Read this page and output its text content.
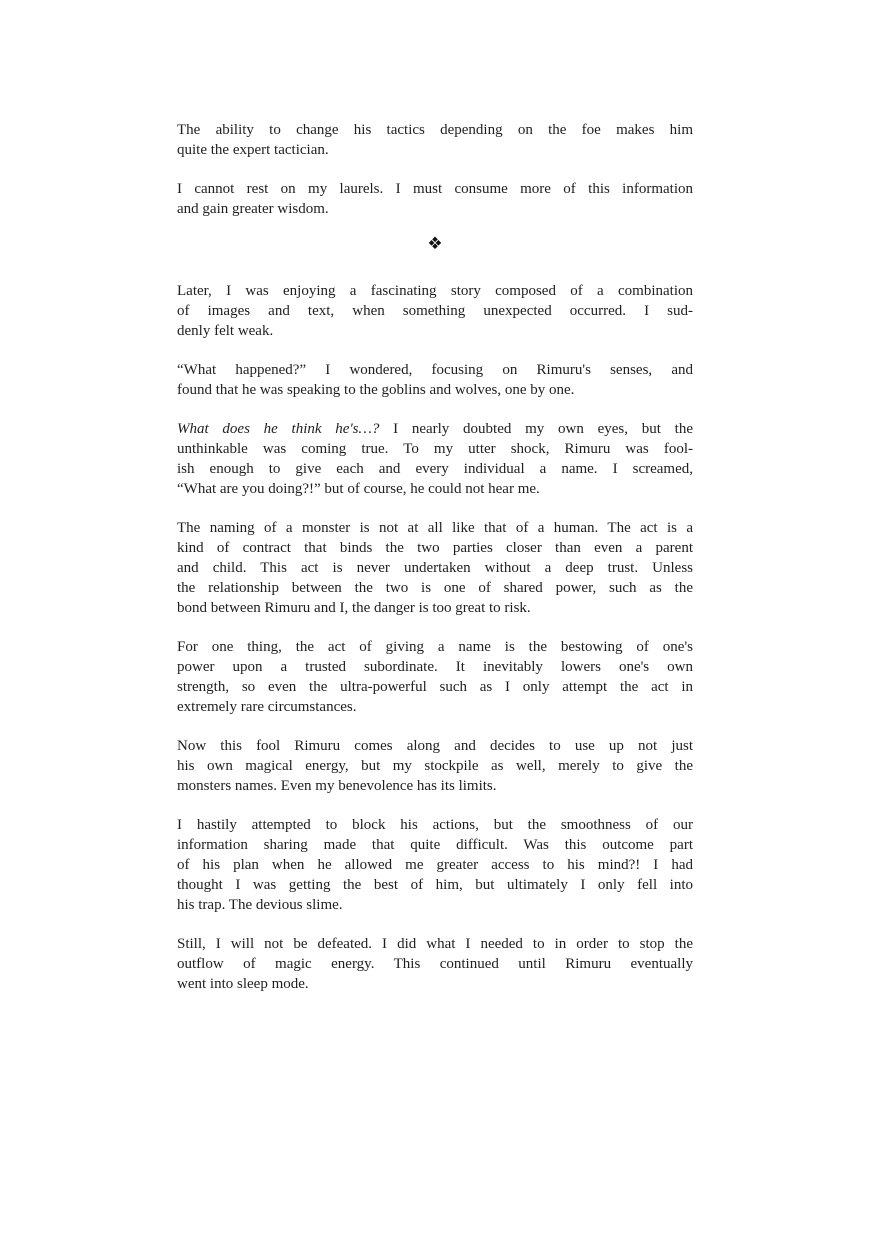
The ability to change his tactics depending on the foe makes him
quite the expert tactician.
I cannot rest on my laurels. I must consume more of this information
and gain greater wisdom.
❖
Later, I was enjoying a fascinating story composed of a combination
of images and text, when something unexpected occurred. I sud-
denly felt weak.
“What happened?” I wondered, focusing on Rimuru's senses, and
found that he was speaking to the goblins and wolves, one by one.
What does he think he's…? I nearly doubted my own eyes, but the
unthinkable was coming true. To my utter shock, Rimuru was fool-
ish enough to give each and every individual a name. I screamed,
“What are you doing?!” but of course, he could not hear me.
The naming of a monster is not at all like that of a human. The act is a
kind of contract that binds the two parties closer than even a parent
and child. This act is never undertaken without a deep trust. Unless
the relationship between the two is one of shared power, such as the
bond between Rimuru and I, the danger is too great to risk.
For one thing, the act of giving a name is the bestowing of one's
power upon a trusted subordinate. It inevitably lowers one's own
strength, so even the ultra-powerful such as I only attempt the act in
extremely rare circumstances.
Now this fool Rimuru comes along and decides to use up not just
his own magical energy, but my stockpile as well, merely to give the
monsters names. Even my benevolence has its limits.
I hastily attempted to block his actions, but the smoothness of our
information sharing made that quite difficult. Was this outcome part
of his plan when he allowed me greater access to his mind?! I had
thought I was getting the best of him, but ultimately I only fell into
his trap. The devious slime.
Still, I will not be defeated. I did what I needed to in order to stop the
outflow of magic energy. This continued until Rimuru eventually
went into sleep mode.
